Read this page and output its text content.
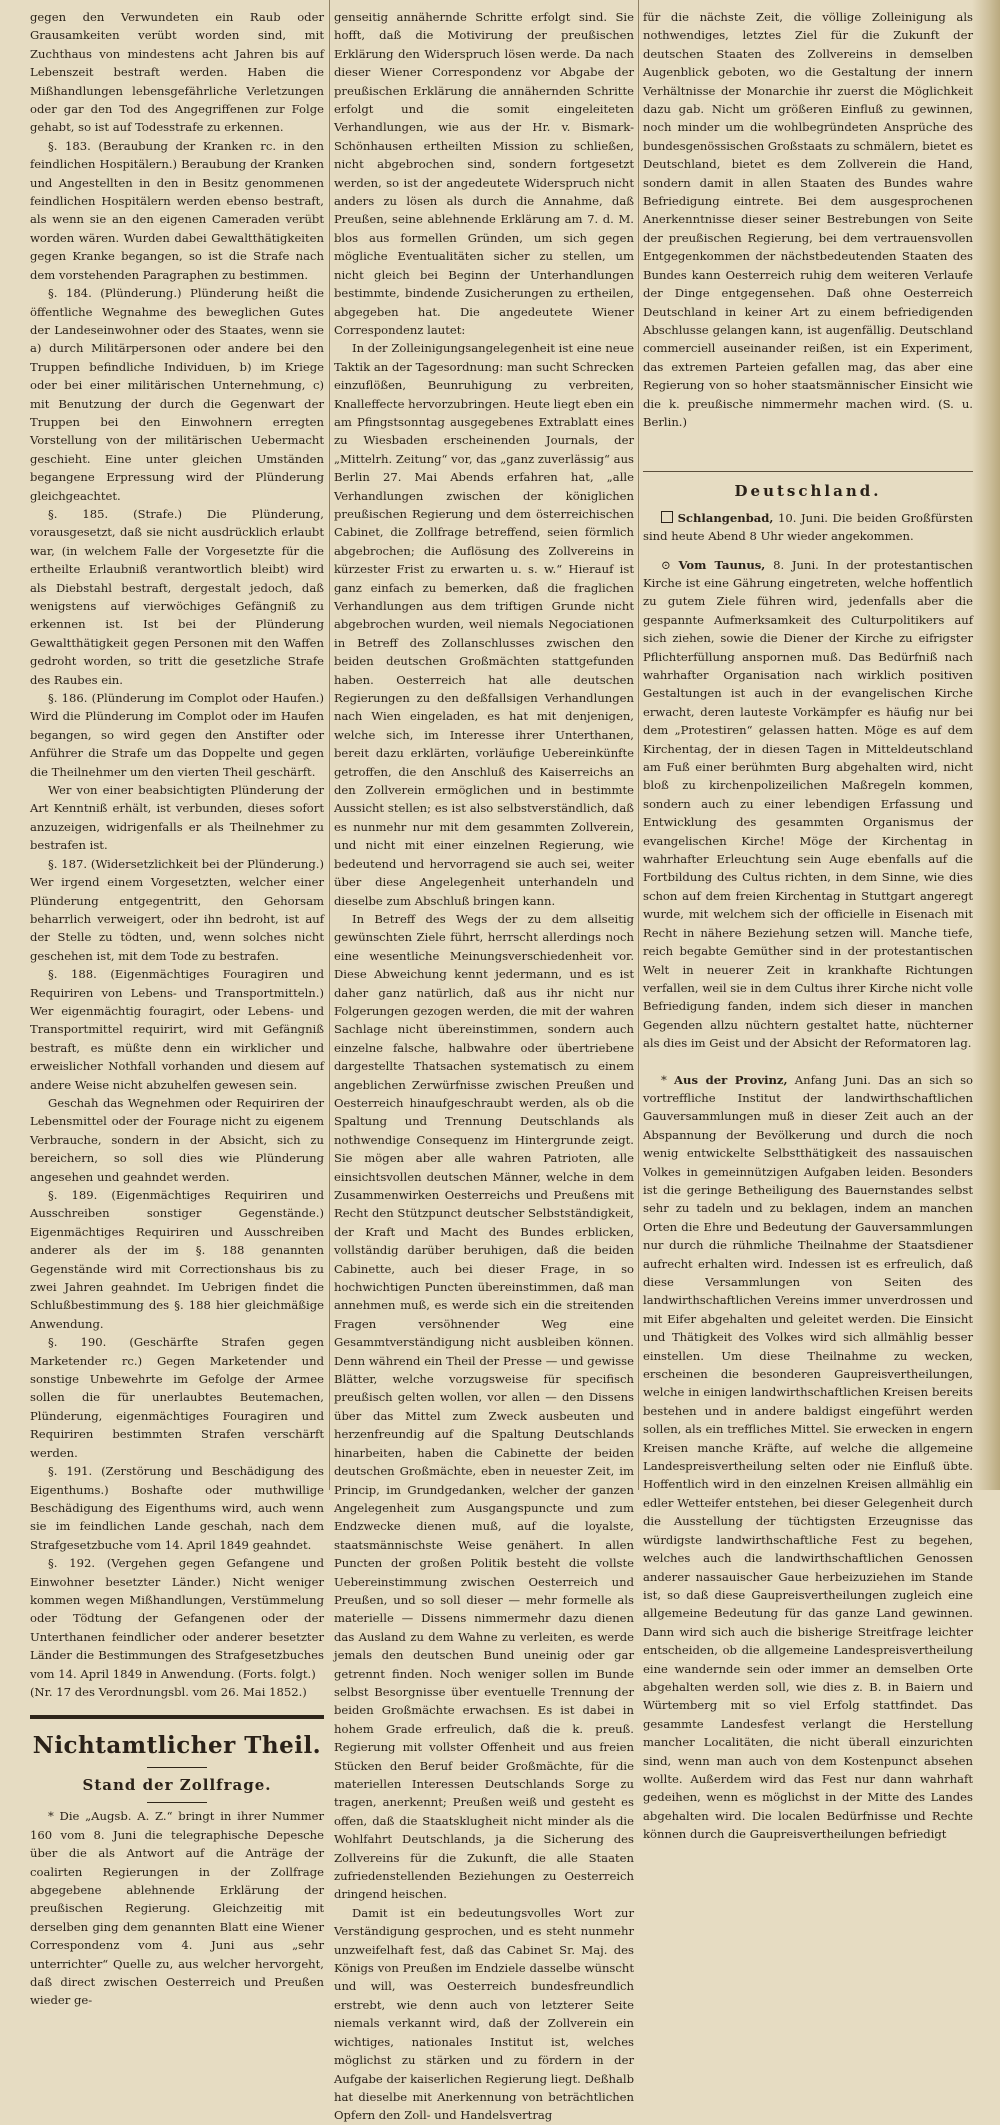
gegen den Verwundeten ein Raub oder Grausamkeiten verübt worden sind, mit Zuchthaus von mindestens acht Jahren bis auf Lebenszeit bestraft werden. Haben die Mißhandlungen lebensgefährliche Verletzungen oder gar den Tod des Angegriffenen zur Folge gehabt, so ist auf Todesstrafe zu erkennen.

§. 183. (Beraubung der Kranken rc. in den feindlichen Hospitälern.) Beraubung der Kranken und Angestellten in den in Besitz genommenen feindlichen Hospitälern werden ebenso bestraft, als wenn sie an den eigenen Cameraden verübt worden wären. Wurden dabei Gewaltthätigkeiten gegen Kranke begangen, so ist die Strafe nach dem vorstehenden Paragraphen zu bestimmen.

§. 184. (Plünderung.) Plünderung heißt die öffentliche Wegnahme des beweglichen Gutes der Landeseinwohner oder des Staates, wenn sie a) durch Militärpersonen oder andere bei den Truppen befindliche Individuen, b) im Kriege oder bei einer militärischen Unternehmung, c) mit Benutzung der durch die Gegenwart der Truppen bei den Einwohnern erregten Vorstellung von der militärischen Uebermacht geschieht. Eine unter gleichen Umständen begangene Erpressung wird der Plünderung gleichgeachtet.

§. 185. (Strafe.) Die Plünderung, vorausgesetzt, daß sie nicht ausdrücklich erlaubt war, (in welchem Falle der Vorgesetzte für die ertheilte Erlaubniß verantwortlich bleibt) wird als Diebstahl bestraft, dergestalt jedoch, daß wenigstens auf vierwöchiges Gefängniß zu erkennen ist. Ist bei der Plünderung Gewaltthätigkeit gegen Personen mit den Waffen gedroht worden, so tritt die gesetzliche Strafe des Raubes ein.

§. 186. (Plünderung im Complot oder Haufen.) Wird die Plünderung im Complot oder im Haufen begangen, so wird gegen den Anstifter oder Anführer die Strafe um das Doppelte und gegen die Theilnehmer um den vierten Theil geschärft.

Wer von einer beabsichtigten Plünderung der Art Kenntniß erhält, ist verbunden, dieses sofort anzuzeigen, widrigenfalls er als Theilnehmer zu bestrafen ist.

§. 187. (Widersetzlichkeit bei der Plünderung.) Wer irgend einem Vorgesetzten, welcher einer Plünderung entgegentritt, den Gehorsam beharrlich verweigert, oder ihn bedroht, ist auf der Stelle zu tödten, und, wenn solches nicht geschehen ist, mit dem Tode zu bestrafen.

§. 188. (Eigenmächtiges Fouragiren und Requiriren von Lebens- und Transportmitteln.) Wer eigenmächtig fouragirt, oder Lebens- und Transportmittel requirirt, wird mit Gefängniß bestraft, es müßte denn ein wirklicher und erweislicher Nothfall vorhanden und diesem auf andere Weise nicht abzuhelfen gewesen sein.

Geschah das Wegnehmen oder Requiriren der Lebensmittel oder der Fourage nicht zu eigenem Verbrauche, sondern in der Absicht, sich zu bereichern, so soll dies wie Plünderung angesehen und geahndet werden.

§. 189. (Eigenmächtiges Requiriren und Ausschreiben sonstiger Gegenstände.) Eigenmächtiges Requiriren und Ausschreiben anderer als der im §. 188 genannten Gegenstände wird mit Correctionshaus bis zu zwei Jahren geahndet. Im Uebrigen findet die Schlußbestimmung des §. 188 hier gleichmäßige Anwendung.

§. 190. (Geschärfte Strafen gegen Marketender rc.) Gegen Marketender und sonstige Unbewehrte im Gefolge der Armee sollen die für unerlaubtes Beutemachen, Plünderung, eigenmächtiges Fouragiren und Requiriren bestimmten Strafen verschärft werden.

§. 191. (Zerstörung und Beschädigung des Eigenthums.) Boshafte oder muthwillige Beschädigung des Eigenthums wird, auch wenn sie im feindlichen Lande geschah, nach dem Strafgesetzbuche vom 14. April 1849 geahndet.

§. 192. (Vergehen gegen Gefangene und Einwohner besetzter Länder.) Nicht weniger kommen wegen Mißhandlungen, Verstümmelung oder Tödtung der Gefangenen oder der Unterthanen feindlicher oder anderer besetzter Länder die Bestimmungen des Strafgesetzbuches vom 14. April 1849 in Anwendung. (Forts. folgt.)

(Nr. 17 des Verordnungsbl. vom 26. Mai 1852.)

Nichtamtlicher Theil.
Stand der Zollfrage.

* Die „Augsb. A. Z.“ bringt in ihrer Nummer 160 vom 8. Juni die telegraphische Depesche über die als Antwort auf die Anträge der coalirten Regierungen in der Zollfrage abgegebene ablehnende Erklärung der preußischen Regierung. Gleichzeitig mit derselben ging dem genannten Blatt eine Wiener Correspondenz vom 4. Juni aus „sehr unterrichter“ Quelle zu, aus welcher hervorgeht, daß direct zwischen Oesterreich und Preußen wieder ge-

genseitig annähernde Schritte erfolgt sind. Sie hofft, daß die Motivirung der preußischen Erklärung den Widerspruch lösen werde. Da nach dieser Wiener Correspondenz vor Abgabe der preußischen Erklärung die annähernden Schritte erfolgt und die somit eingeleiteten Verhandlungen, wie aus der Hr. v. Bismark-Schönhausen ertheilten Mission zu schließen, nicht abgebrochen sind, sondern fortgesetzt werden, so ist der angedeutete Widerspruch nicht anders zu lösen als durch die Annahme, daß Preußen, seine ablehnende Erklärung am 7. d. M. blos aus formellen Gründen, um sich gegen mögliche Eventualitäten sicher zu stellen, um nicht gleich bei Beginn der Unterhandlungen bestimmte, bindende Zusicherungen zu ertheilen, abgegeben hat. Die angedeutete Wiener Correspondenz lautet:

In der Zolleinigungsangelegenheit ist eine neue Taktik an der Tagesordnung: man sucht Schrecken einzuflößen, Beunruhigung zu verbreiten, Knalleffecte hervorzubringen. Heute liegt eben ein am Pfingstsonntag ausgegebenes Extrablatt eines zu Wiesbaden erscheinenden Journals, der „Mittelrh. Zeitung“ vor, das „ganz zuverlässig“ aus Berlin 27. Mai Abends erfahren hat, „alle Verhandlungen zwischen der königlichen preußischen Regierung und dem österreichischen Cabinet, die Zollfrage betreffend, seien förmlich abgebrochen; die Auflösung des Zollvereins in kürzester Frist zu erwarten u. s. w.“ Hierauf ist ganz einfach zu bemerken, daß die fraglichen Verhandlungen aus dem triftigen Grunde nicht abgebrochen wurden, weil niemals Negociationen in Betreff des Zollanschlusses zwischen den beiden deutschen Großmächten stattgefunden haben. Oesterreich hat alle deutschen Regierungen zu den deßfallsigen Verhandlungen nach Wien eingeladen, es hat mit denjenigen, welche sich, im Interesse ihrer Unterthanen, bereit dazu erklärten, vorläufige Uebereinkünfte getroffen, die den Anschluß des Kaiserreichs an den Zollverein ermöglichen und in bestimmte Aussicht stellen; es ist also selbstverständlich, daß es nunmehr nur mit dem gesammten Zollverein, und nicht mit einer einzelnen Regierung, wie bedeutend und hervorragend sie auch sei, weiter über diese Angelegenheit unterhandeln und dieselbe zum Abschluß bringen kann.

In Betreff des Wegs der zu dem allseitig gewünschten Ziele führt, herrscht allerdings noch eine wesentliche Meinungsverschiedenheit vor. Diese Abweichung kennt jedermann, und es ist daher ganz natürlich, daß aus ihr nicht nur Folgerungen gezogen werden, die mit der wahren Sachlage nicht übereinstimmen, sondern auch einzelne falsche, halbwahre oder übertriebene dargestellte Thatsachen systematisch zu einem angeblichen Zerwürfnisse zwischen Preußen und Oesterreich hinaufgeschraubt werden, als ob die Spaltung und Trennung Deutschlands als nothwendige Consequenz im Hintergrunde zeigt. Sie mögen aber alle wahren Patrioten, alle einsichtsvollen deutschen Männer, welche in dem Zusammenwirken Oesterreichs und Preußens mit Recht den Stützpunct deutscher Selbstständigkeit, der Kraft und Macht des Bundes erblicken, vollständig darüber beruhigen, daß die beiden Cabinette, auch bei dieser Frage, in so hochwichtigen Puncten übereinstimmen, daß man annehmen muß, es werde sich ein die streitenden Fragen versöhnender Weg eine Gesammtverständigung nicht ausbleiben können. Denn während ein Theil der Presse — und gewisse Blätter, welche vorzugsweise für specifisch preußisch gelten wollen, vor allen — den Dissens über das Mittel zum Zweck ausbeuten und herzenfreundig auf die Spaltung Deutschlands hinarbeiten, haben die Cabinette der beiden deutschen Großmächte, eben in neuester Zeit, im Princip, im Grundgedanken, welcher der ganzen Angelegenheit zum Ausgangspuncte und zum Endzwecke dienen muß, auf die loyalste, staatsmännischste Weise genähert. In allen Puncten der großen Politik besteht die vollste Uebereinstimmung zwischen Oesterreich und Preußen, und so soll dieser — mehr formelle als materielle — Dissens nimmermehr dazu dienen das Ausland zu dem Wahne zu verleiten, es werde jemals den deutschen Bund uneinig oder gar getrennt finden. Noch weniger sollen im Bunde selbst Besorgnisse über eventuelle Trennung der beiden Großmächte erwachsen. Es ist dabei in hohem Grade erfreulich, daß die k. preuß. Regierung mit vollster Offenheit und aus freien Stücken den Beruf beider Großmächte, für die materiellen Interessen Deutschlands Sorge zu tragen, anerkennt; Preußen weiß und gesteht es offen, daß die Staatsklugheit nicht minder als die Wohlfahrt Deutschlands, ja die Sicherung des Zollvereins für die Zukunft, die alle Staaten zufriedenstellenden Beziehungen zu Oesterreich dringend heischen.

Damit ist ein bedeutungsvolles Wort zur Verständigung gesprochen, und es steht nunmehr unzweifelhaft fest, daß das Cabinet Sr. Maj. des Königs von Preußen im Endziele dasselbe wünscht und will, was Oesterreich bundesfreundlich erstrebt, wie denn auch von letzterer Seite niemals verkannt wird, daß der Zollverein ein wichtiges, nationales Institut ist, welches möglichst zu stärken und zu fördern in der Aufgabe der kaiserlichen Regierung liegt. Deßhalb hat dieselbe mit Anerkennung von beträchtlichen Opfern den Zoll- und Handelsvertrag

für die nächste Zeit, die völlige Zolleinigung als nothwendiges, letztes Ziel für die Zukunft der deutschen Staaten des Zollvereins in demselben Augenblick geboten, wo die Gestaltung der innern Verhältnisse der Monarchie ihr zuerst die Möglichkeit dazu gab. Nicht um größeren Einfluß zu gewinnen, noch minder um die wohlbegründeten Ansprüche des bundesgenössischen Großstaats zu schmälern, bietet es Deutschland, bietet es dem Zollverein die Hand, sondern damit in allen Staaten des Bundes wahre Befriedigung eintrete. Bei dem ausgesprochenen Anerkenntnisse dieser seiner Bestrebungen von Seite der preußischen Regierung, bei dem vertrauensvollen Entgegenkommen der nächstbedeutenden Staaten des Bundes kann Oesterreich ruhig dem weiteren Verlaufe der Dinge entgegensehen. Daß ohne Oesterreich Deutschland in keiner Art zu einem befriedigenden Abschlusse gelangen kann, ist augenfällig. Deutschland commerciell auseinander reißen, ist ein Experiment, das extremen Parteien gefallen mag, das aber eine Regierung von so hoher staatsmännischer Einsicht wie die k. preußische nimmermehr machen wird. (S. u. Berlin.)

Deutschland.

Schlangenbad, 10. Juni. Die beiden Großfürsten sind heute Abend 8 Uhr wieder angekommen.

⊙ Vom Taunus, 8. Juni. In der protestantischen Kirche ist eine Gährung eingetreten, welche hoffentlich zu gutem Ziele führen wird, jedenfalls aber die gespannte Aufmerksamkeit des Culturpolitikers auf sich ziehen, sowie die Diener der Kirche zu eifrigster Pflichterfüllung anspornen muß. Das Bedürfniß nach wahrhafter Organisation nach wirklich positiven Gestaltungen ist auch in der evangelischen Kirche erwacht, deren lauteste Vorkämpfer es häufig nur bei dem „Protestiren“ gelassen hatten. Möge es auf dem Kirchentag, der in diesen Tagen in Mitteldeutschland am Fuß einer berühmten Burg abgehalten wird, nicht bloß zu kirchenpolizeilichen Maßregeln kommen, sondern auch zu einer lebendigen Erfassung und Entwicklung des gesammten Organismus der evangelischen Kirche! Möge der Kirchentag in wahrhafter Erleuchtung sein Auge ebenfalls auf die Fortbildung des Cultus richten, in dem Sinne, wie dies schon auf dem freien Kirchentag in Stuttgart angeregt wurde, mit welchem sich der officielle in Eisenach mit Recht in nähere Beziehung setzen will. Manche tiefe, reich begabte Gemüther sind in der protestantischen Welt in neuerer Zeit in krankhafte Richtungen verfallen, weil sie in dem Cultus ihrer Kirche nicht volle Befriedigung fanden, indem sich dieser in manchen Gegenden allzu nüchtern gestaltet hatte, nüchterner als dies im Geist und der Absicht der Reformatoren lag.

* Aus der Provinz, Anfang Juni. Das an sich so vortreffliche Institut der landwirthschaftlichen Gauversammlungen muß in dieser Zeit auch an der Abspannung der Bevölkerung und durch die noch wenig entwickelte Selbstthätigkeit des nassauischen Volkes in gemeinnützigen Aufgaben leiden. Besonders ist die geringe Betheiligung des Bauernstandes selbst sehr zu tadeln und zu beklagen, indem an manchen Orten die Ehre und Bedeutung der Gauversammlungen nur durch die rühmliche Theilnahme der Staatsdiener aufrecht erhalten wird. Indessen ist es erfreulich, daß diese Versammlungen von Seiten des landwirthschaftlichen Vereins immer unverdrossen und mit Eifer abgehalten und geleitet werden. Die Einsicht und Thätigkeit des Volkes wird sich allmählig besser einstellen. Um diese Theilnahme zu wecken, erscheinen die besonderen Gaupreisvertheilungen, welche in einigen landwirthschaftlichen Kreisen bereits bestehen und in andere baldigst eingeführt werden sollen, als ein treffliches Mittel. Sie erwecken in engern Kreisen manche Kräfte, auf welche die allgemeine Landespreisvertheilung selten oder nie Einfluß übte. Hoffentlich wird in den einzelnen Kreisen allmählig ein edler Wetteifer entstehen, bei dieser Gelegenheit durch die Ausstellung der tüchtigsten Erzeugnisse das würdigste landwirthschaftliche Fest zu begehen, welches auch die landwirthschaftlichen Genossen anderer nassauischer Gaue herbeizuziehen im Stande ist, so daß diese Gaupreisvertheilungen zugleich eine allgemeine Bedeutung für das ganze Land gewinnen. Dann wird sich auch die bisherige Streitfrage leichter entscheiden, ob die allgemeine Landespreisvertheilung eine wandernde sein oder immer an demselben Orte abgehalten werden soll, wie dies z. B. in Baiern und Würtemberg mit so viel Erfolg stattfindet. Das gesammte Landesfest verlangt die Herstellung mancher Localitäten, die nicht überall einzurichten sind, wenn man auch von dem Kostenpunct absehen wollte. Außerdem wird das Fest nur dann wahrhaft gedeihen, wenn es möglichst in der Mitte des Landes abgehalten wird. Die localen Bedürfnisse und Rechte können durch die Gaupreisvertheilungen befriedigt
